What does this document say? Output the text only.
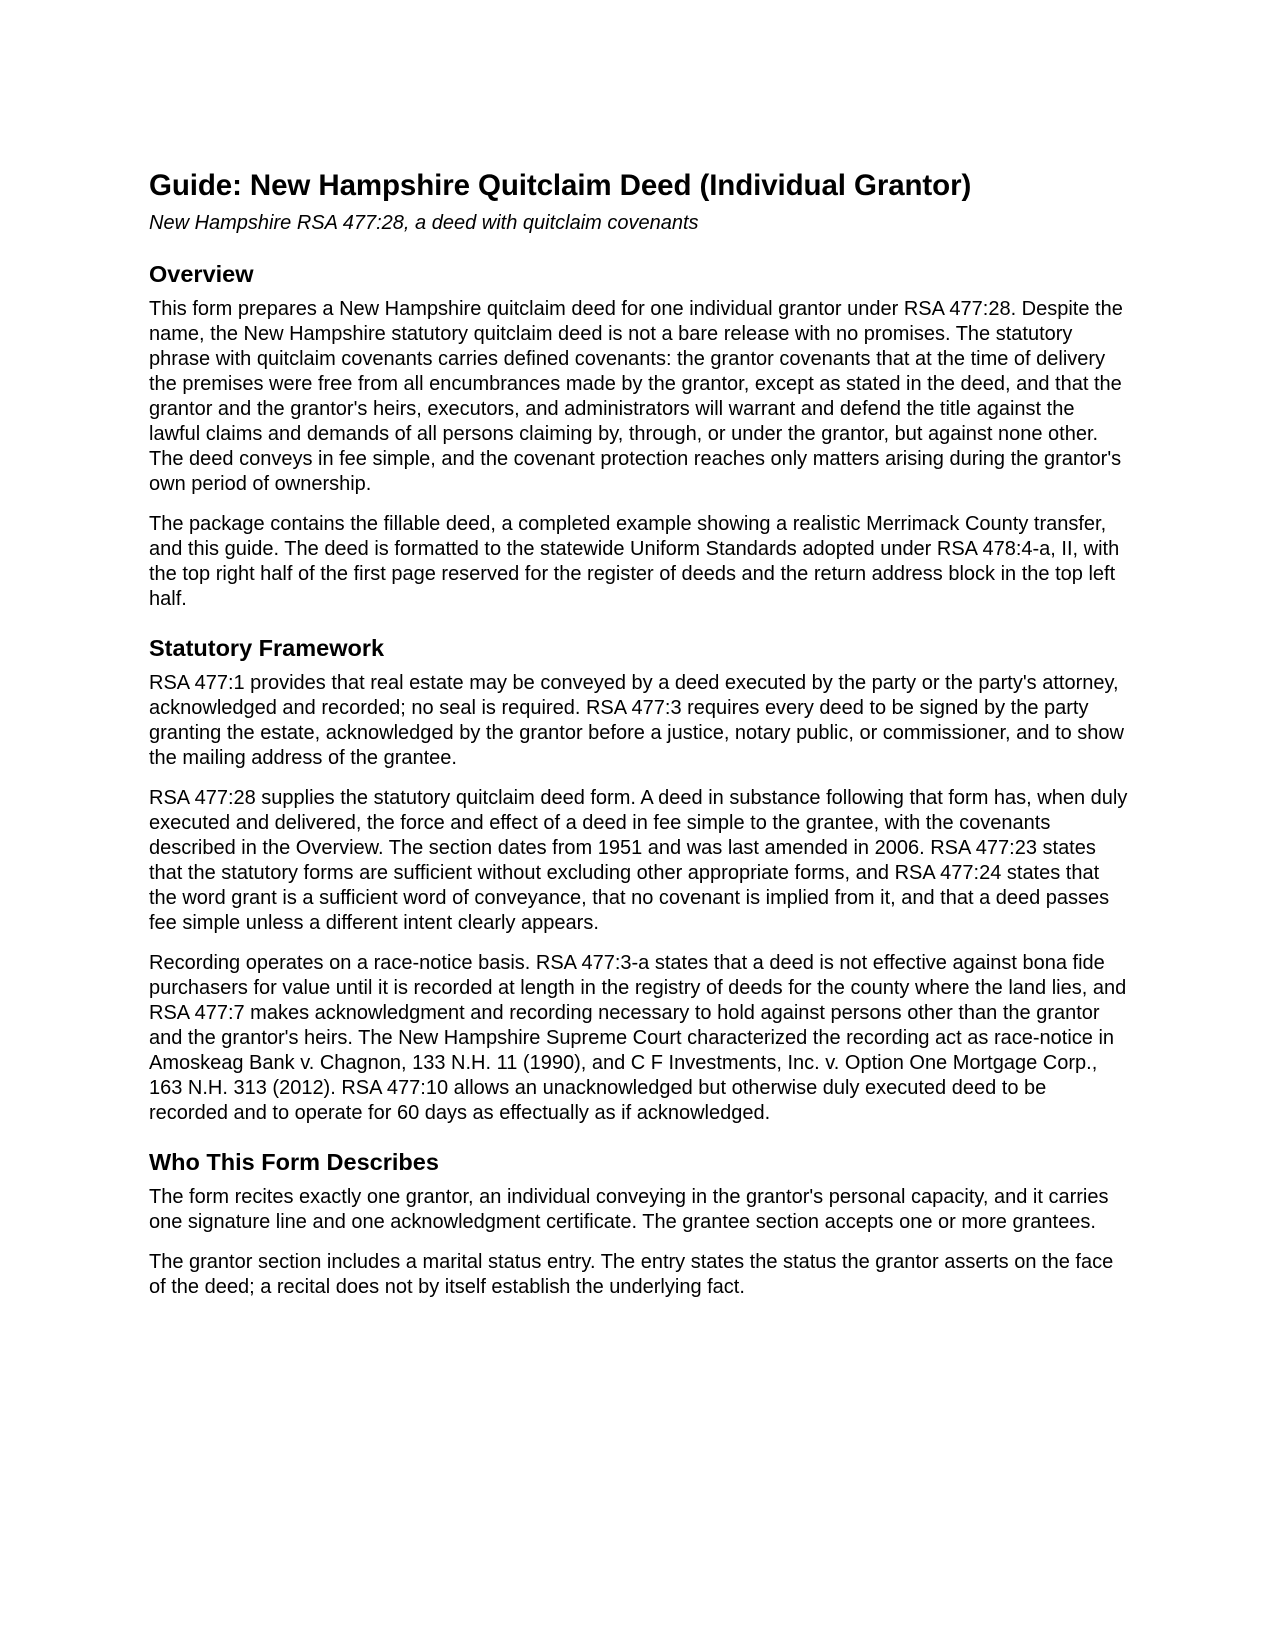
Guide: New Hampshire Quitclaim Deed (Individual Grantor)

New Hampshire RSA 477:28, a deed with quitclaim covenants

Overview

This form prepares a New Hampshire quitclaim deed for one individual grantor under RSA 477:28. Despite the name, the New Hampshire statutory quitclaim deed is not a bare release with no promises. The statutory phrase with quitclaim covenants carries defined covenants: the grantor covenants that at the time of delivery the premises were free from all encumbrances made by the grantor, except as stated in the deed, and that the grantor and the grantor's heirs, executors, and administrators will warrant and defend the title against the lawful claims and demands of all persons claiming by, through, or under the grantor, but against none other. The deed conveys in fee simple, and the covenant protection reaches only matters arising during the grantor's own period of ownership.

The package contains the fillable deed, a completed example showing a realistic Merrimack County transfer, and this guide. The deed is formatted to the statewide Uniform Standards adopted under RSA 478:4-a, II, with the top right half of the first page reserved for the register of deeds and the return address block in the top left half.

Statutory Framework

RSA 477:1 provides that real estate may be conveyed by a deed executed by the party or the party's attorney, acknowledged and recorded; no seal is required. RSA 477:3 requires every deed to be signed by the party granting the estate, acknowledged by the grantor before a justice, notary public, or commissioner, and to show the mailing address of the grantee.

RSA 477:28 supplies the statutory quitclaim deed form. A deed in substance following that form has, when duly executed and delivered, the force and effect of a deed in fee simple to the grantee, with the covenants described in the Overview. The section dates from 1951 and was last amended in 2006. RSA 477:23 states that the statutory forms are sufficient without excluding other appropriate forms, and RSA 477:24 states that the word grant is a sufficient word of conveyance, that no covenant is implied from it, and that a deed passes fee simple unless a different intent clearly appears.

Recording operates on a race-notice basis. RSA 477:3-a states that a deed is not effective against bona fide purchasers for value until it is recorded at length in the registry of deeds for the county where the land lies, and RSA 477:7 makes acknowledgment and recording necessary to hold against persons other than the grantor and the grantor's heirs. The New Hampshire Supreme Court characterized the recording act as race-notice in Amoskeag Bank v. Chagnon, 133 N.H. 11 (1990), and C F Investments, Inc. v. Option One Mortgage Corp., 163 N.H. 313 (2012). RSA 477:10 allows an unacknowledged but otherwise duly executed deed to be recorded and to operate for 60 days as effectually as if acknowledged.

Who This Form Describes

The form recites exactly one grantor, an individual conveying in the grantor's personal capacity, and it carries one signature line and one acknowledgment certificate. The grantee section accepts one or more grantees.

The grantor section includes a marital status entry. The entry states the status the grantor asserts on the face of the deed; a recital does not by itself establish the underlying fact.
